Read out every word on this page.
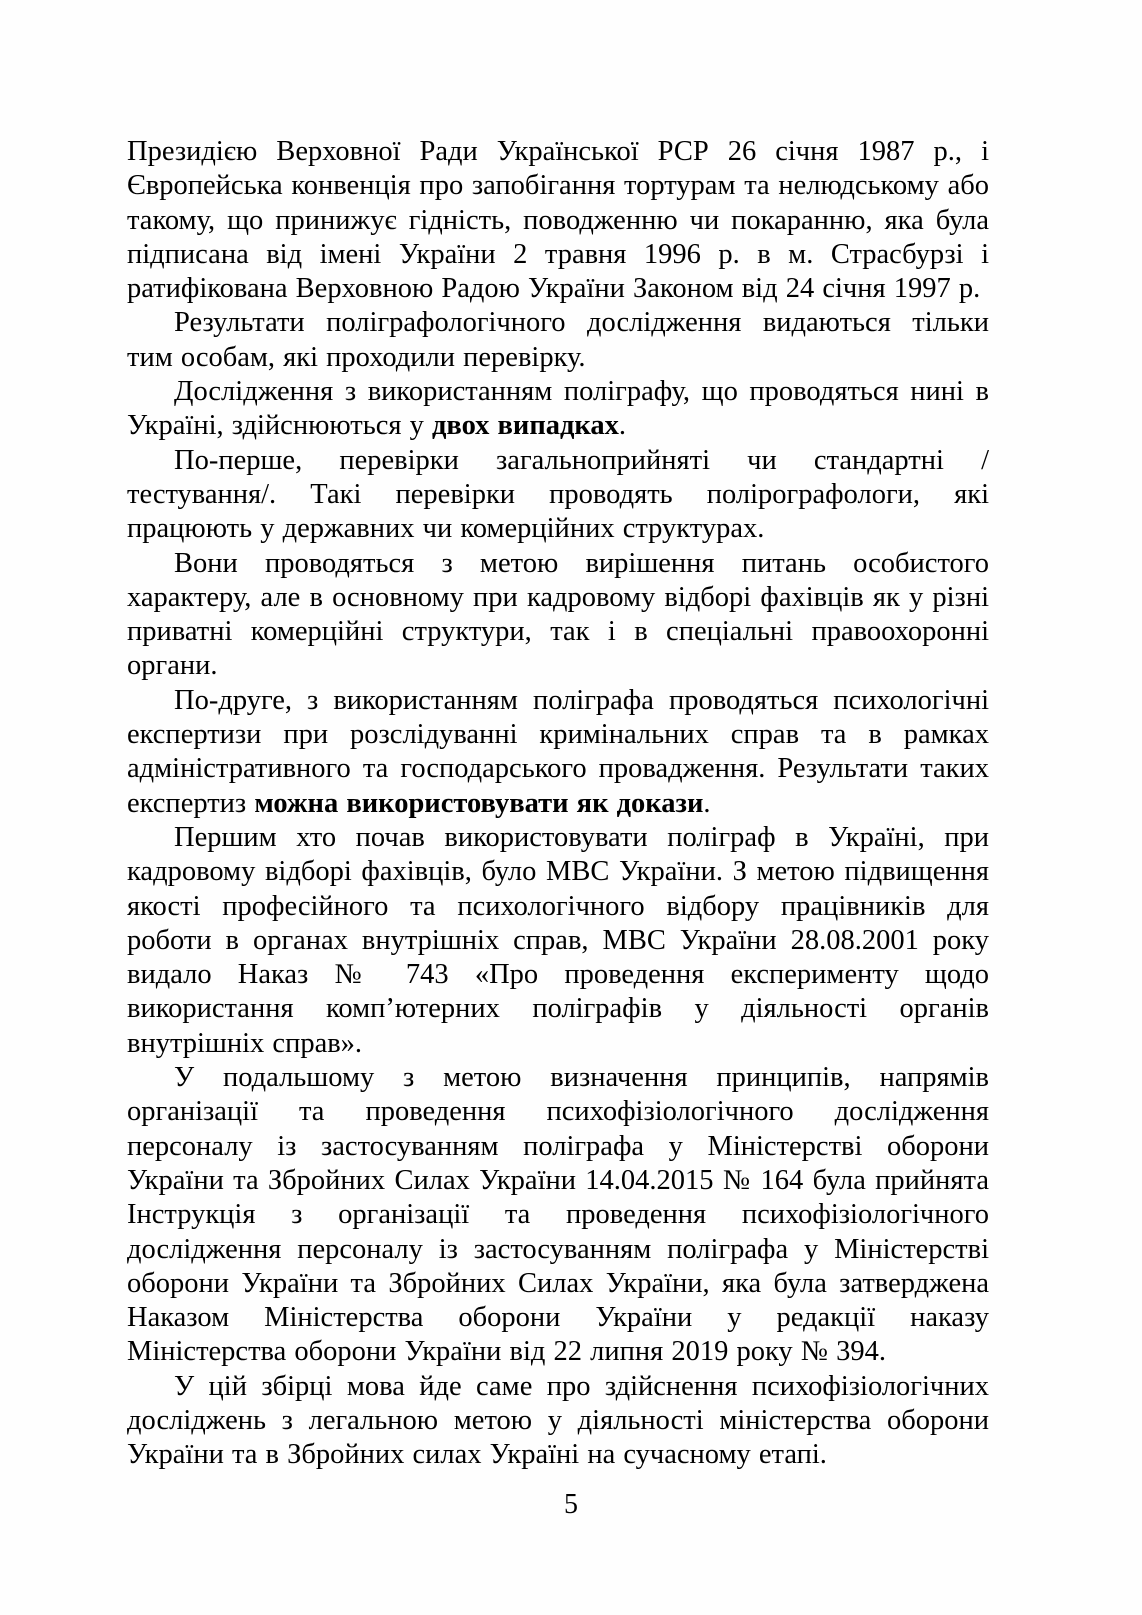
Президією Верховної Ради Української РСР 26 січня 1987 р., і Європейська конвенція про запобігання тортурам та нелюдському або такому, що принижує гідність, поводженню чи покаранню, яка була підписана від імені України 2 травня 1996 р. в м. Страсбурзі і ратифікована Верховною Радою України Законом від 24 січня 1997 р.

Результати поліграфологічного дослідження видаються тільки тим особам, які проходили перевірку.

Дослідження з використанням поліграфу, що проводяться нині в Україні, здійснюються у двох випадках.

По-перше, перевірки загальноприйняті чи стандартні /тестування/. Такі перевірки проводять полірографологи, які працюють у державних чи комерційних структурах.

Вони проводяться з метою вирішення питань особистого характеру, але в основному при кадровому відборі фахівців як у різні приватні комерційні структури, так і в спеціальні правоохоронні органи.

По-друге, з використанням поліграфа проводяться психологічні експертизи при розслідуванні кримінальних справ та в рамках адміністративного та господарського провадження. Результати таких експертиз можна використовувати як докази.

Першим хто почав використовувати поліграф в Україні, при кадровому відборі фахівців, було МВС України. З метою підвищення якості професійного та психологічного відбору працівників для роботи в органах внутрішніх справ, МВС України 28.08.2001 року видало Наказ № 743 «Про проведення експерименту щодо використання комп’ютерних поліграфів у діяльності органів внутрішніх справ».

У подальшому з метою визначення принципів, напрямів організації та проведення психофізіологічного дослідження персоналу із застосуванням поліграфа у Міністерстві оборони України та Збройних Силах України 14.04.2015 № 164 була прийнята Інструкція з організації та проведення психофізіологічного дослідження персоналу із застосуванням поліграфа у Міністерстві оборони України та Збройних Силах України, яка була затверджена Наказом Міністерства оборони України у редакції наказу Міністерства оборони України від 22 липня 2019 року № 394.

У цій збірці мова йде саме про здійснення психофізіологічних досліджень з легальною метою у діяльності міністерства оборони України та в Збройних силах Україні на сучасному етапі.

5
